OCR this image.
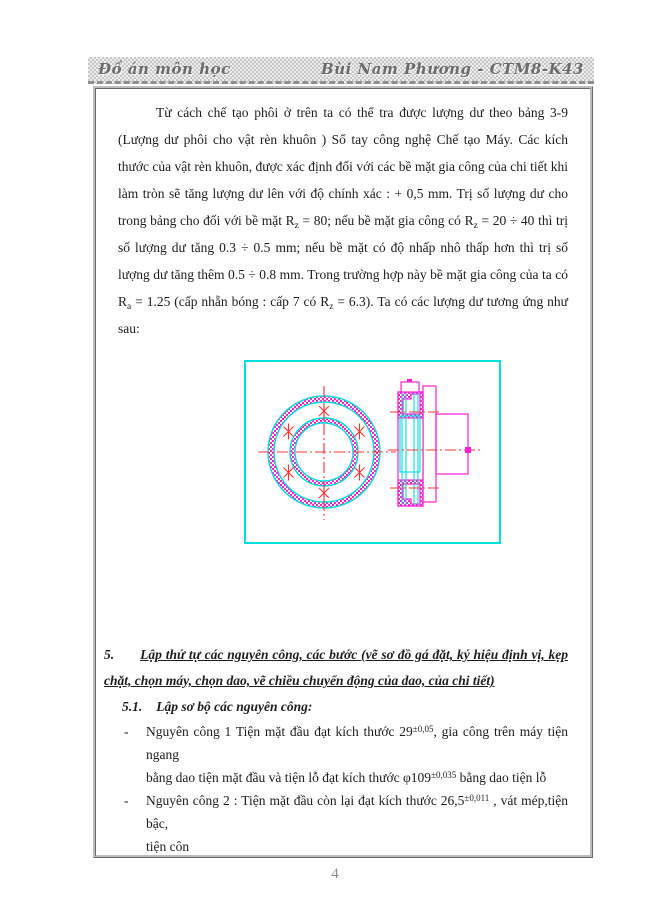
Đồ án môn học	Bùi Nam Phương - CTM8-K43

Từ cách chế tạo phôi ở trên ta có thể tra được lượng dư theo bảng 3-9 (Lượng dư phôi cho vật rèn khuôn ) Sổ tay công nghệ Chế tạo Máy. Các kích thước của vật rèn khuôn, được xác định đối với các bề mặt gia công của chi tiết khi làm tròn sẽ tăng lượng dư lên với độ chính xác : + 0,5 mm. Trị số lượng dư cho trong bảng cho đối với bề mặt $R_z = 80$; nếu bề mặt gia công có $R_z = 20 \div 40$ thì trị số lượng dư tăng 0.3 ÷ 0.5 mm; nếu bề mặt có độ nhấp nhô thấp hơn thì trị số lượng dư tăng thêm 0.5 ÷ 0.8 mm. Trong trường hợp này bề mặt gia công của ta có $R_a = 1.25$ (cấp nhẵn bóng : cấp 7 có $R_z = 6.3$). Ta có các lượng dư tương ứng như sau:

5. Lập thứ tự các nguyên công, các bước (vẽ sơ đồ gá đặt, ký hiệu định vị, kẹp chặt, chọn máy, chọn dao, vẽ chiều chuyển động của dao, của chi tiết)
5.1. Lập sơ bộ các nguyên công:
- Nguyên công 1 Tiện mặt đầu đạt kích thước $29^{\pm 0,05}$, gia công trên máy tiện ngang
bằng dao tiện mặt đầu và tiện lỗ đạt kích thước $\varphi 109^{\pm 0,035}$ bằng dao tiện lỗ
- Nguyên công 2 : Tiện mặt đầu còn lại đạt kích thước $26,5^{\pm 0,011}$ , vát mép,tiện bậc,
tiện côn

4
